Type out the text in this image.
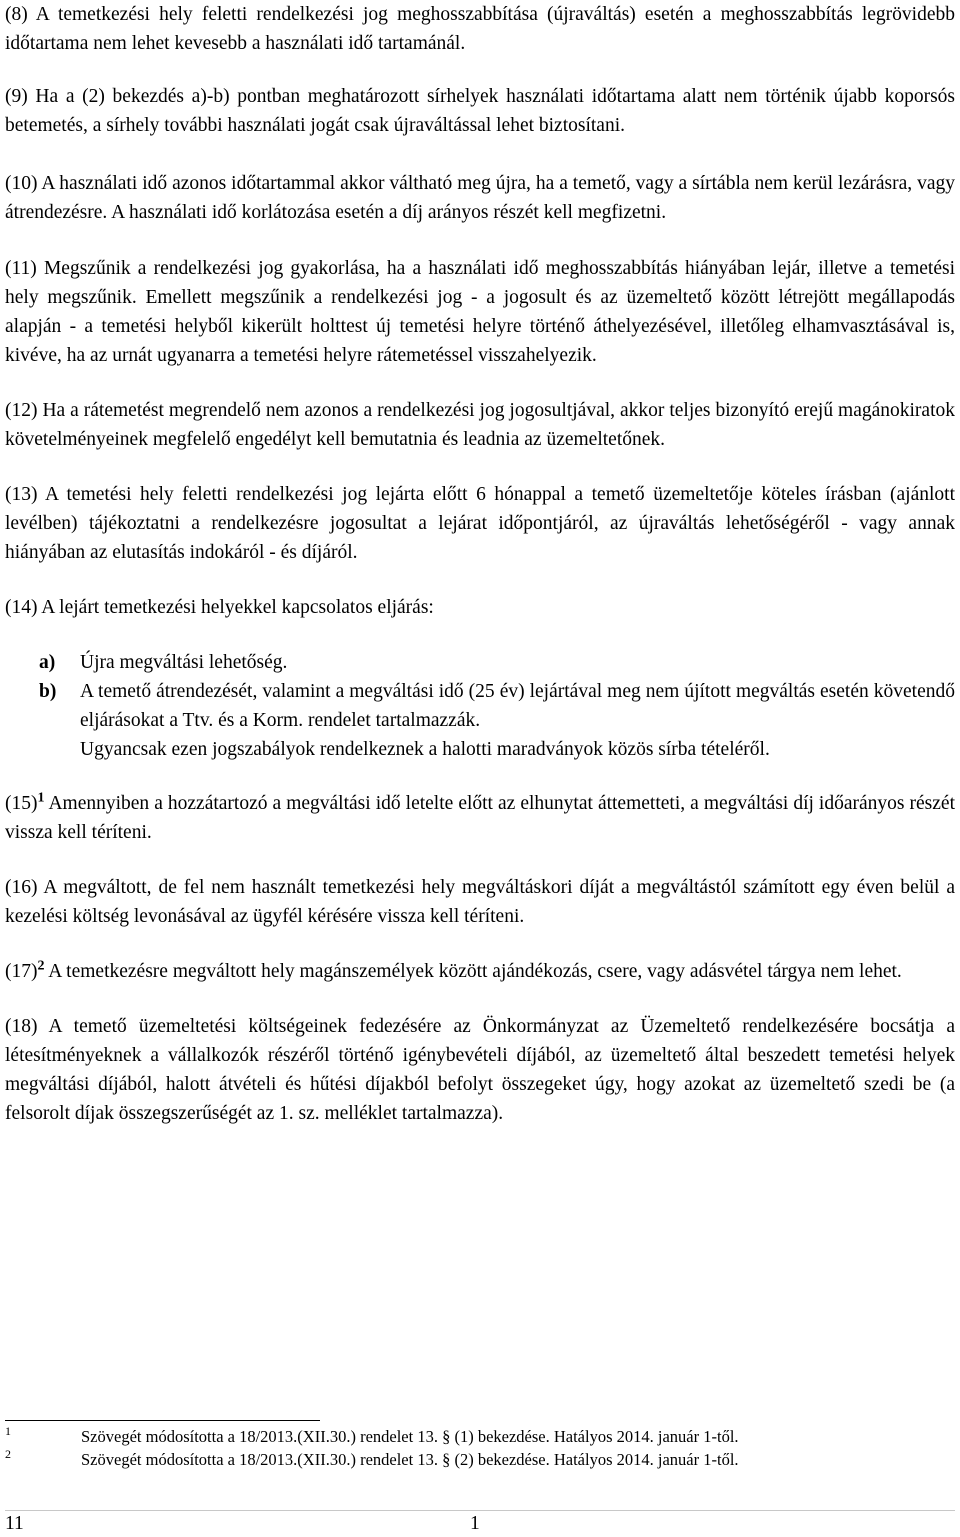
(8) A temetkezési hely feletti rendelkezési jog meghosszabbítása (újraváltás) esetén a meghosszabbítás legrövidebb időtartama nem lehet kevesebb a használati idő tartamánál.

(9) Ha a (2) bekezdés a)-b) pontban meghatározott sírhelyek használati időtartama alatt nem történik újabb koporsós betemetés, a sírhely további használati jogát csak újraváltással lehet biztosítani.

(10) A használati idő azonos időtartammal akkor váltható meg újra, ha a temető, vagy a sírtábla nem kerül lezárásra, vagy átrendezésre. A használati idő korlátozása esetén a díj arányos részét kell megfizetni.

(11) Megszűnik a rendelkezési jog gyakorlása, ha a használati idő meghosszabbítás hiányában lejár, illetve a temetési hely megszűnik. Emellett megszűnik a rendelkezési jog - a jogosult és az üzemeltető között létrejött megállapodás alapján - a temetési helyből kikerült holttest új temetési helyre történő áthelyezésével, illetőleg elhamvasztásával is, kivéve, ha az urnát ugyanarra a temetési helyre rátemetéssel visszahelyezik.

(12) Ha a rátemetést megrendelő nem azonos a rendelkezési jog jogosultjával, akkor teljes bizonyító erejű magánokiratok követelményeinek megfelelő engedélyt kell bemutatnia és leadnia az üzemeltetőnek.

(13) A temetési hely feletti rendelkezési jog lejárta előtt 6 hónappal a temető üzemeltetője köteles írásban (ajánlott levélben) tájékoztatni a rendelkezésre jogosultat a lejárat időpontjáról, az újraváltás lehetőségéről - vagy annak hiányában az elutasítás indokáról - és díjáról.

(14) A lejárt temetkezési helyekkel kapcsolatos eljárás:

a) Újra megváltási lehetőség.
b) A temető átrendezését, valamint a megváltási idő (25 év) lejártával meg nem újított megváltás esetén követendő eljárásokat a Ttv. és a Korm. rendelet tartalmazzák.

Ugyancsak ezen jogszabályok rendelkeznek a halotti maradványok közös sírba tételéről.

(15)$^1$ Amennyiben a hozzátartozó a megváltási idő letelte előtt az elhunytat áttemetteti, a megváltási díj időarányos részét vissza kell téríteni.

(16) A megváltott, de fel nem használt temetkezési hely megváltáskori díját a megváltástól számított egy éven belül a kezelési költség levonásával az ügyfél kérésére vissza kell téríteni.

(17)$^2$ A temetkezésre megváltott hely magánszemélyek között ajándékozás, csere, vagy adásvétel tárgya nem lehet.

(18) A temető üzemeltetési költségeinek fedezésére az Önkormányzat az Üzemeltető rendelkezésére bocsátja a létesítményeknek a vállalkozók részéről történő igénybevételi díjából, az üzemeltető által beszedett temetési helyek megváltási díjából, halott átvételi és hűtési díjakból befolyt összegeket úgy, hogy azokat az üzemeltető szedi be (a felsorolt díjak összegszerűségét az 1. sz. melléklet tartalmazza).

1	Szövegét módosította a 18/2013.(XII.30.) rendelet 13. § (1) bekezdése. Hatályos 2014. január 1-től.
2	Szövegét módosította a 18/2013.(XII.30.) rendelet 13. § (2) bekezdése. Hatályos 2014. január 1-től.
11	1
